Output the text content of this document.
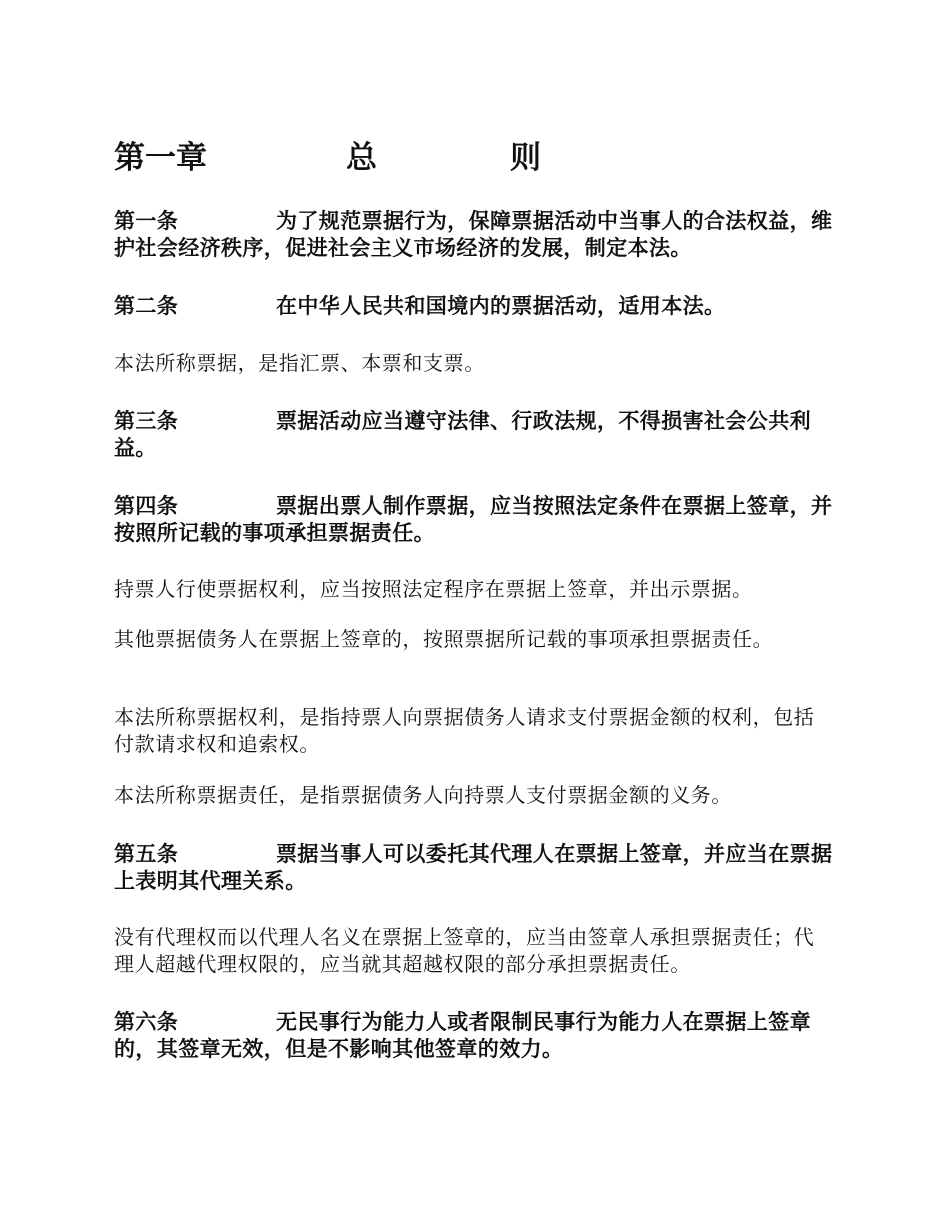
第一章	总	则
第一条	为了规范票据行为，保障票据活动中当事人的合法权益，维护社会经济秩序，促进社会主义市场经济的发展，制定本法。
第二条	在中华人民共和国境内的票据活动，适用本法。
本法所称票据，是指汇票、本票和支票。
第三条	票据活动应当遵守法律、行政法规，不得损害社会公共利益。
第四条	票据出票人制作票据，应当按照法定条件在票据上签章，并按照所记载的事项承担票据责任。
持票人行使票据权利，应当按照法定程序在票据上签章，并出示票据。
其他票据债务人在票据上签章的，按照票据所记载的事项承担票据责任。
本法所称票据权利，是指持票人向票据债务人请求支付票据金额的权利，包括付款请求权和追索权。
本法所称票据责任，是指票据债务人向持票人支付票据金额的义务。
第五条	票据当事人可以委托其代理人在票据上签章，并应当在票据上表明其代理关系。
没有代理权而以代理人名义在票据上签章的，应当由签章人承担票据责任；代理人超越代理权限的，应当就其超越权限的部分承担票据责任。
第六条	无民事行为能力人或者限制民事行为能力人在票据上签章的，其签章无效，但是不影响其他签章的效力。
